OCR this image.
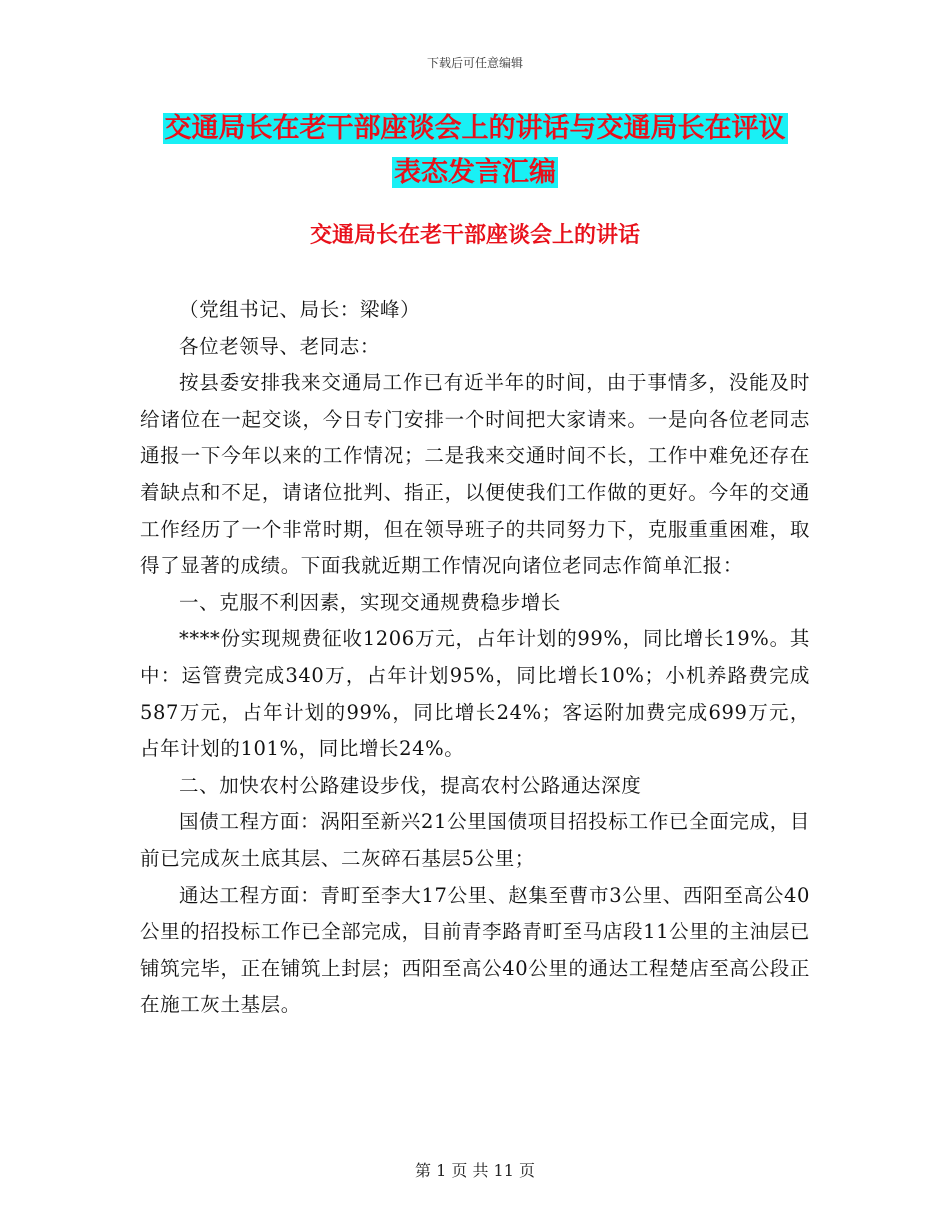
下载后可任意编辑
交通局长在老干部座谈会上的讲话与交通局长在评议
表态发言汇编
交通局长在老干部座谈会上的讲话

（党组书记、局长：梁峰）

各位老领导、老同志：

按县委安排我来交通局工作已有近半年的时间，由于事情多，没能及时给诸位在一起交谈，今日专门安排一个时间把大家请来。一是向各位老同志通报一下今年以来的工作情况；二是我来交通时间不长，工作中难免还存在着缺点和不足，请诸位批判、指正，以便使我们工作做的更好。今年的交通工作经历了一个非常时期，但在领导班子的共同努力下，克服重重困难，取得了显著的成绩。下面我就近期工作情况向诸位老同志作简单汇报：

一、克服不利因素，实现交通规费稳步增长

****份实现规费征收1206万元，占年计划的99%，同比增长19%。其中：运管费完成340万，占年计划95%，同比增长10%；小机养路费完成587万元，占年计划的99%，同比增长24%；客运附加费完成699万元，占年计划的101%，同比增长24%。

二、加快农村公路建设步伐，提高农村公路通达深度

国债工程方面：涡阳至新兴21公里国债项目招投标工作已全面完成，目前已完成灰土底其层、二灰碎石基层5公里；

通达工程方面：青町至李大17公里、赵集至曹市3公里、西阳至高公40公里的招投标工作已全部完成，目前青李路青町至马店段11公里的主油层已铺筑完毕，正在铺筑上封层；西阳至高公40公里的通达工程楚店至高公段正在施工灰土基层。

第 1 页 共 11 页
